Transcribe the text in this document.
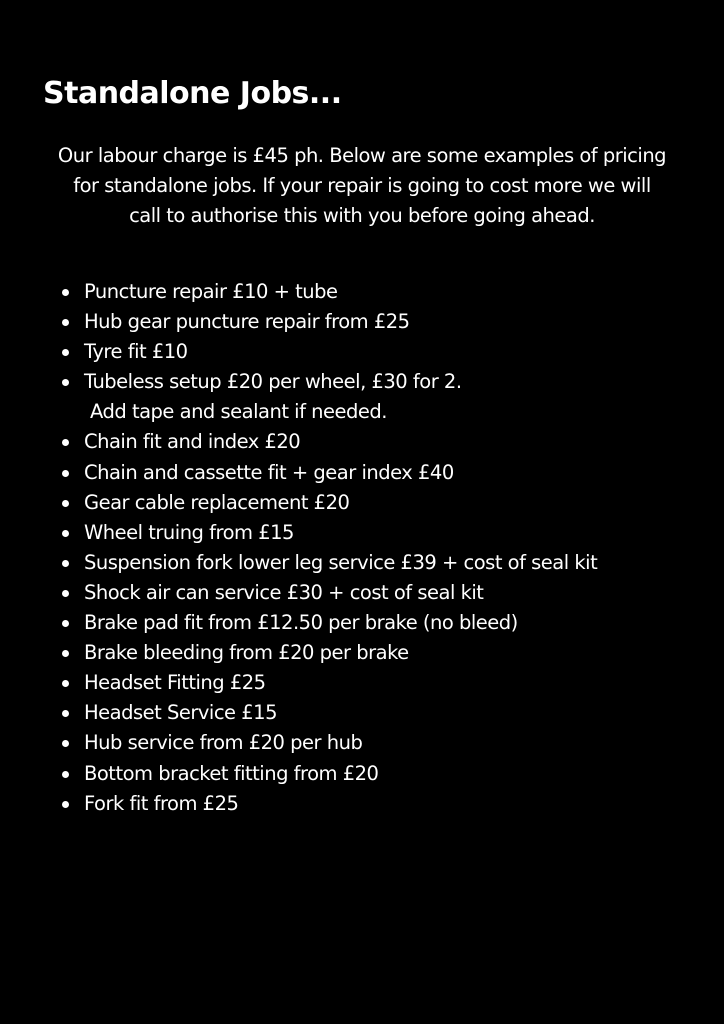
Standalone Jobs...

Our labour charge is £45 ph. Below are some examples of pricing
for standalone jobs. If your repair is going to cost more we will
call to authorise this with you before going ahead.

Puncture repair £10 + tube
Hub gear puncture repair from £25
Tyre fit £10
Tubeless setup £20 per wheel, £30 for 2.
Add tape and sealant if needed.
Chain fit and index £20
Chain and cassette fit + gear index £40
Gear cable replacement £20
Wheel truing from £15
Suspension fork lower leg service £39 + cost of seal kit
Shock air can service £30 + cost of seal kit
Brake pad fit from £12.50 per brake (no bleed)
Brake bleeding from £20 per brake
Headset Fitting £25
Headset Service £15
Hub service from £20 per hub
Bottom bracket fitting from £20
Fork fit from £25
